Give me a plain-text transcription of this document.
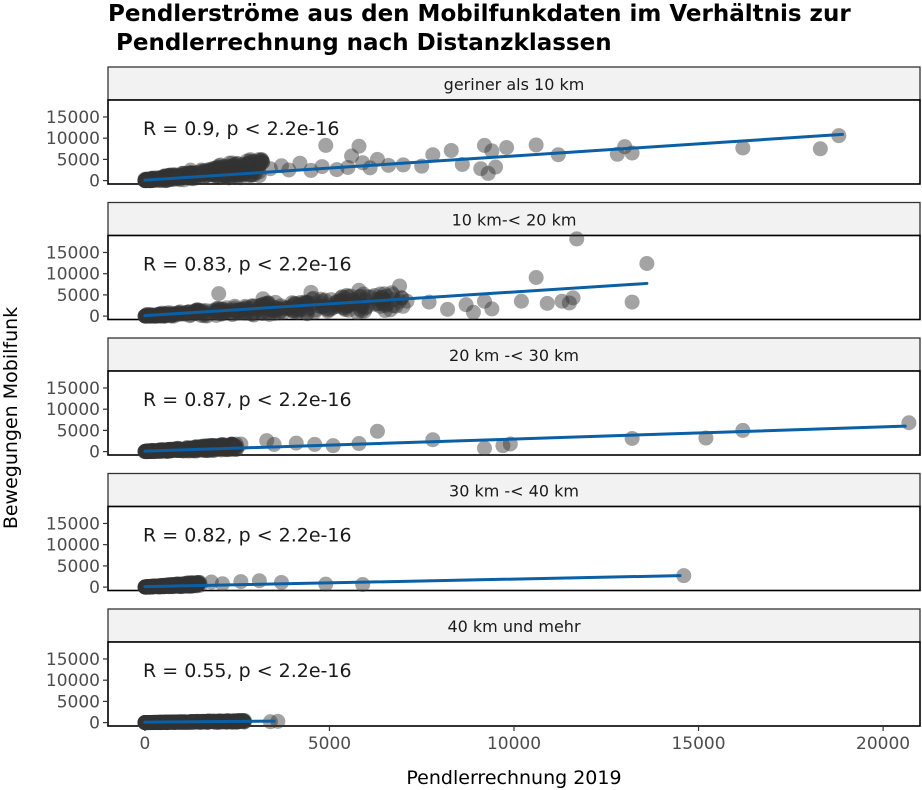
Pendlerströme aus den Mobilfunkdaten im Verhältnis zur
Pendlerrechnung nach Distanzklassen
geriner als 10 km
0
5000
10000
15000
R = 0.9, p < 2.2e-16
10 km-< 20 km
0
5000
10000
15000
R = 0.83, p < 2.2e-16
20 km -< 30 km
0
5000
10000
15000
R = 0.87, p < 2.2e-16
30 km -< 40 km
0
5000
10000
15000
R = 0.82, p < 2.2e-16
40 km und mehr
0
5000
10000
15000
R = 0.55, p < 2.2e-16
0	5000	10000	15000	20000
Pendlerrechnung 2019
Bewegungen Mobilfunk
